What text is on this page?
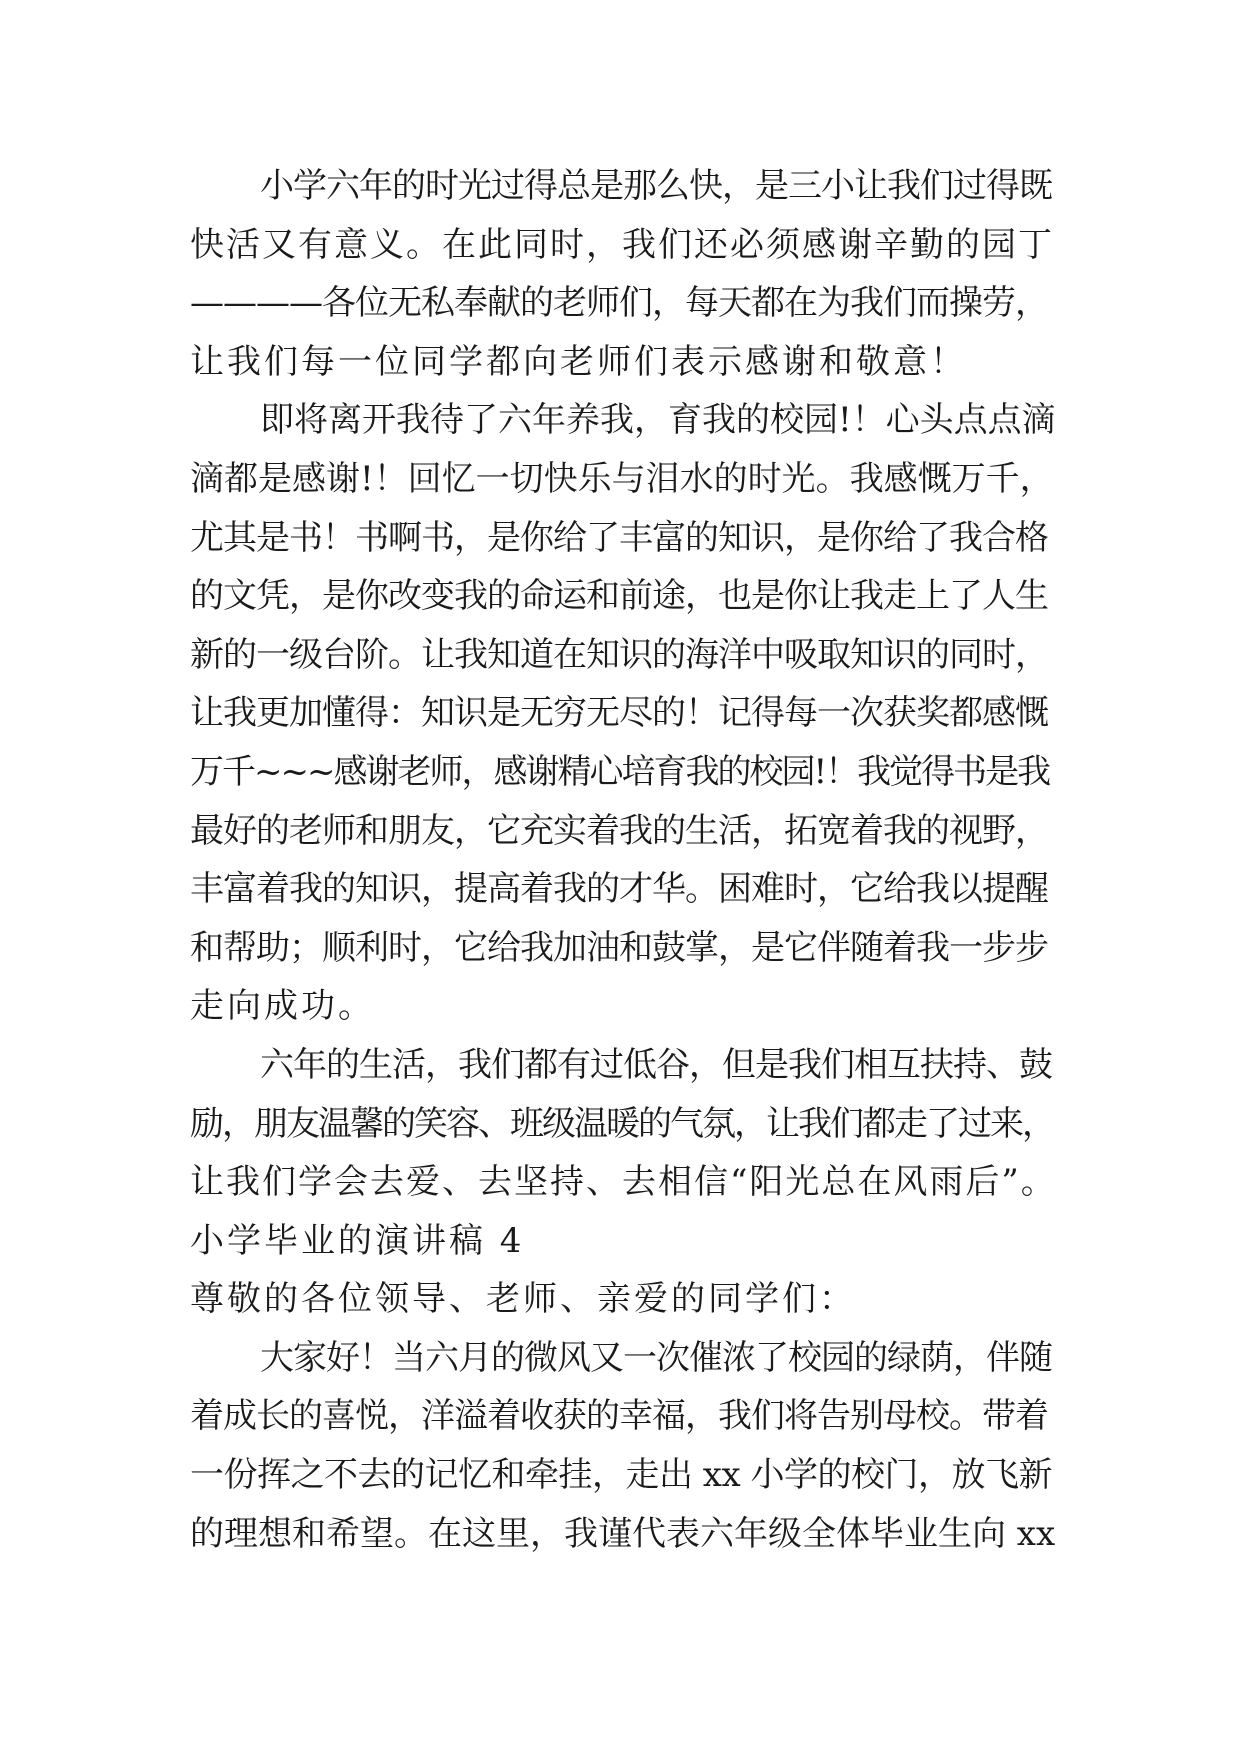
小学六年的时光过得总是那么快，是三小让我们过得既
快活又有意义。在此同时，我们还必须感谢辛勤的园丁
————各位无私奉献的老师们，每天都在为我们而操劳，
让我们每一位同学都向老师们表示感谢和敬意！
即将离开我待了六年养我，育我的校园!！心头点点滴
滴都是感谢!！回忆一切快乐与泪水的时光。我感慨万千，
尤其是书！书啊书，是你给了丰富的知识，是你给了我合格
的文凭，是你改变我的命运和前途，也是你让我走上了人生
新的一级台阶。让我知道在知识的海洋中吸取知识的同时，
让我更加懂得：知识是无穷无尽的！记得每一次获奖都感慨
万千~~~感谢老师，感谢精心培育我的校园!！我觉得书是我
最好的老师和朋友，它充实着我的生活，拓宽着我的视野，
丰富着我的知识，提高着我的才华。困难时，它给我以提醒
和帮助；顺利时，它给我加油和鼓掌，是它伴随着我一步步
走向成功。
六年的生活，我们都有过低谷，但是我们相互扶持、鼓
励，朋友温馨的笑容、班级温暖的气氛，让我们都走了过来，
让我们学会去爱、去坚持、去相信“阳光总在风雨后”。
小学毕业的演讲稿 4
尊敬的各位领导、老师、亲爱的同学们：
大家好！当六月的微风又一次催浓了校园的绿荫，伴随
着成长的喜悦，洋溢着收获的幸福，我们将告别母校。带着
一份挥之不去的记忆和牵挂，走出 xx 小学的校门，放飞新
的理想和希望。在这里，我谨代表六年级全体毕业生向 xx
